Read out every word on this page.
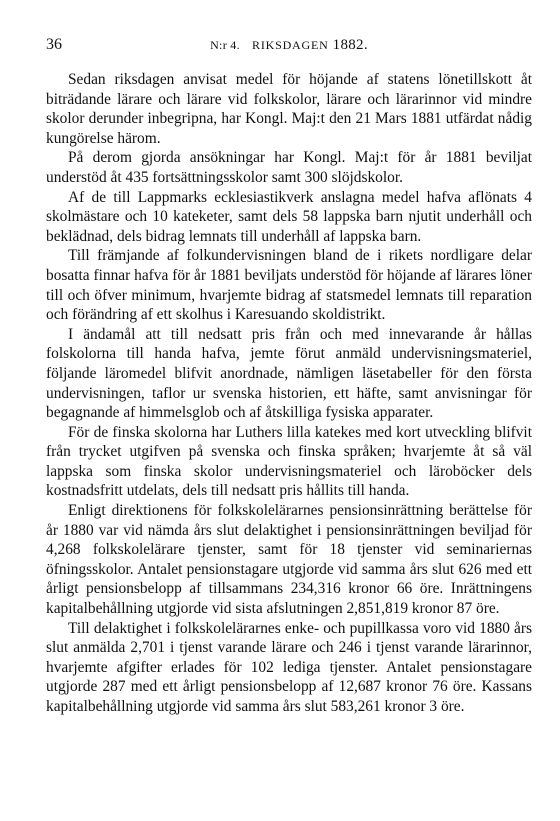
36	N:r 4. RIKSDAGEN 1882.

Sedan riksdagen anvisat medel för höjande af statens lönetillskott åt biträdande lärare och lärare vid folkskolor, lärare och lärarinnor vid mindre skolor derunder inbegripna, har Kongl. Maj:t den 21 Mars 1881 utfärdat nådig kungörelse härom.

På derom gjorda ansökningar har Kongl. Maj:t för år 1881 beviljat understöd åt 435 fortsättningsskolor samt 300 slöjdskolor.

Af de till Lappmarks ecklesiastikverk anslagna medel hafva aflönats 4 skolmästare och 10 kateketer, samt dels 58 lappska barn njutit underhåll och beklädnad, dels bidrag lemnats till underhåll af lappska barn.

Till främjande af folkundervisningen bland de i rikets nordligare delar bosatta finnar hafva för år 1881 beviljats understöd för höjande af lärares löner till och öfver minimum, hvarjemte bidrag af statsmedel lemnats till reparation och förändring af ett skolhus i Karesuando skoldistrikt.

I ändamål att till nedsatt pris från och med innevarande år hållas folskolorna till handa hafva, jemte förut anmäld undervisningsmateriel, följande läromedel blifvit anordnade, nämligen läsetabeller för den första undervisningen, taflor ur svenska historien, ett häfte, samt anvisningar för begagnande af himmelsglob och af åtskilliga fysiska apparater.

För de finska skolorna har Luthers lilla katekes med kort utveckling blifvit från trycket utgifven på svenska och finska språken; hvarjemte åt så väl lappska som finska skolor undervisningsmateriel och läroböcker dels kostnadsfritt utdelats, dels till nedsatt pris hållits till handa.

Enligt direktionens för folkskolelärarnes pensionsinrättning berättelse för år 1880 var vid nämda års slut delaktighet i pensionsinrättningen beviljad för 4,268 folkskolelärare tjenster, samt för 18 tjenster vid seminariernas öfningsskolor. Antalet pensionstagare utgjorde vid samma års slut 626 med ett årligt pensionsbelopp af tillsammans 234,316 kronor 66 öre. Inrättningens kapitalbehållning utgjorde vid sista afslutningen 2,851,819 kronor 87 öre.

Till delaktighet i folkskolelärarnes enke- och pupillkassa voro vid 1880 års slut anmälda 2,701 i tjenst varande lärare och 246 i tjenst varande lärarinnor, hvarjemte afgifter erlades för 102 lediga tjenster. Antalet pensionstagare utgjorde 287 med ett årligt pensionsbelopp af 12,687 kronor 76 öre. Kassans kapitalbehållning utgjorde vid samma års slut 583,261 kronor 3 öre.
